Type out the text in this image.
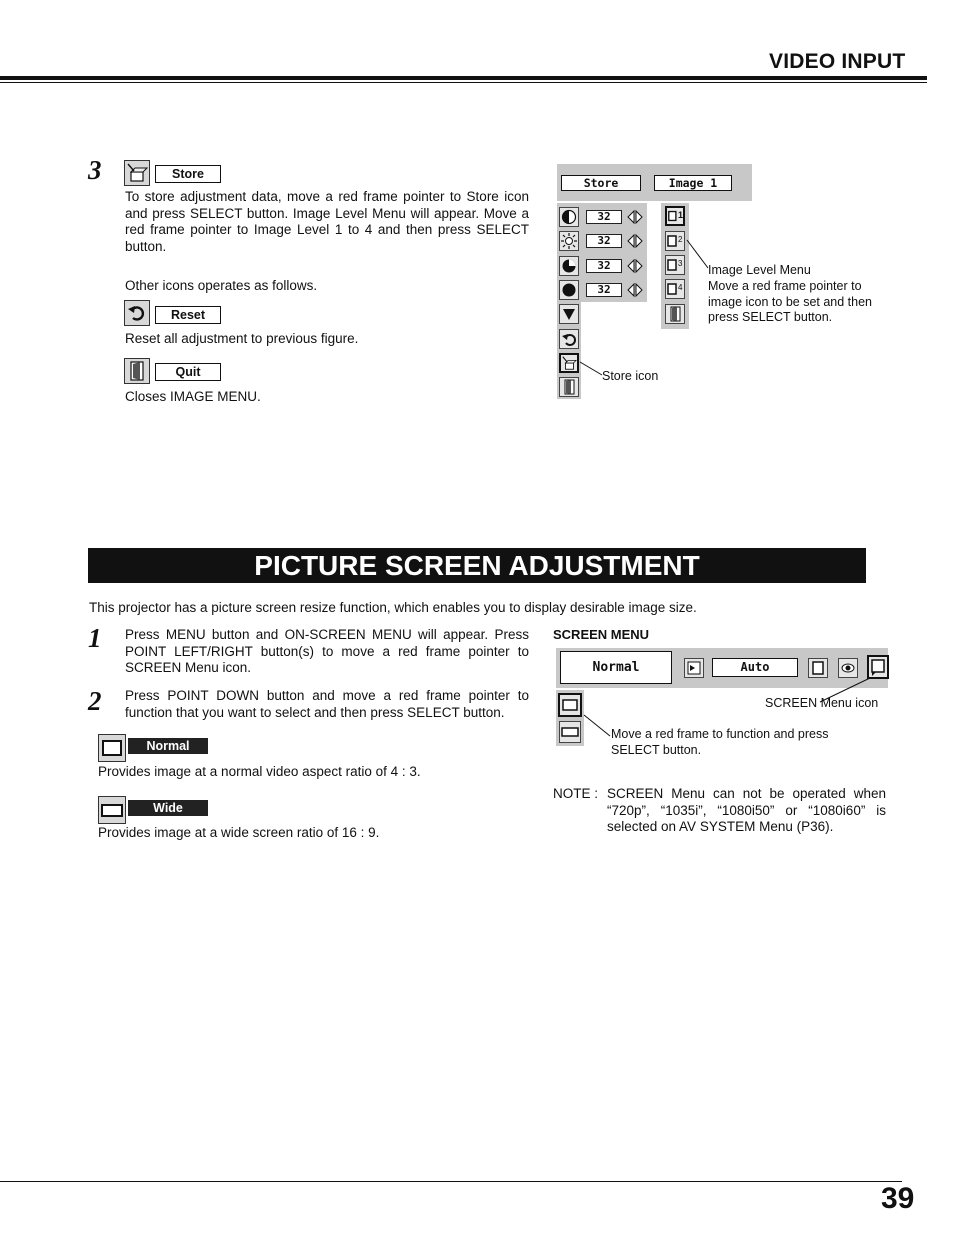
VIDEO INPUT
3	Store
To store adjustment data, move a red frame pointer to Store icon and press SELECT button. Image Level Menu will appear. Move a red frame pointer to Image Level 1 to 4 and then press SELECT button.
Other icons operates as follows.
Reset
Reset all adjustment to previous figure.
Quit
Closes IMAGE MENU.
Store	Image 1
32
32
32
32
1
2
3
4
Image Level Menu
Move a red frame pointer to image icon to be set and then press SELECT button.
Store icon
PICTURE SCREEN ADJUSTMENT
This projector has a picture screen resize function, which enables you to display desirable image size.
1 Press MENU button and ON-SCREEN MENU will appear. Press POINT LEFT/RIGHT button(s) to move a red frame pointer to SCREEN Menu icon.
2 Press POINT DOWN button and move a red frame pointer to function that you want to select and then press SELECT button.
Normal
Provides image at a normal video aspect ratio of 4 : 3.
Wide
Provides image at a wide screen ratio of 16 : 9.
SCREEN MENU
Normal	Auto
SCREEN Menu icon
Move a red frame to function and press SELECT button.
NOTE : SCREEN Menu can not be operated when “720p”, “1035i”, “1080i50” or “1080i60” is selected on AV SYSTEM Menu (P36).
39
